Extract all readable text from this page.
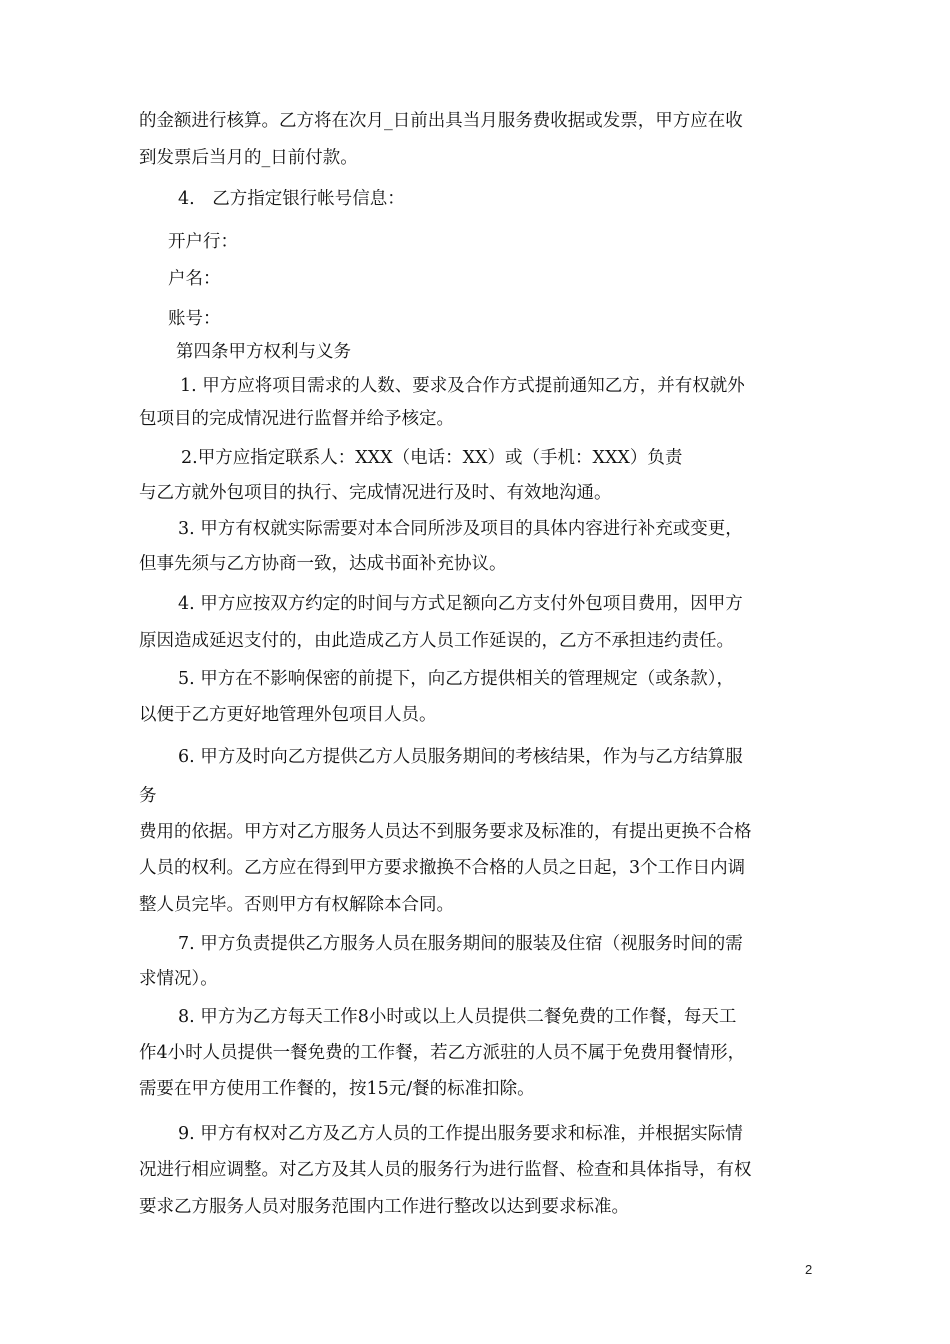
的金额进行核算。乙方将在次月_日前出具当月服务费收据或发票，甲方应在收
到发票后当月的_日前付款。
4.　乙方指定银行帐号信息：
开户行：
户名：
账号：
第四条甲方权利与义务
1. 甲方应将项目需求的人数、要求及合作方式提前通知乙方，并有权就外
包项目的完成情况进行监督并给予核定。
2.甲方应指定联系人：XXX（电话：XX）或（手机：XXX）负责
与乙方就外包项目的执行、完成情况进行及时、有效地沟通。
3. 甲方有权就实际需要对本合同所涉及项目的具体内容进行补充或变更，
但事先须与乙方协商一致，达成书面补充协议。
4. 甲方应按双方约定的时间与方式足额向乙方支付外包项目费用，因甲方
原因造成延迟支付的，由此造成乙方人员工作延误的，乙方不承担违约责任。
5. 甲方在不影响保密的前提下，向乙方提供相关的管理规定（或条款），
以便于乙方更好地管理外包项目人员。
6. 甲方及时向乙方提供乙方人员服务期间的考核结果，作为与乙方结算服
务
费用的依据。甲方对乙方服务人员达不到服务要求及标准的，有提出更换不合格
人员的权利。乙方应在得到甲方要求撤换不合格的人员之日起，3个工作日内调
整人员完毕。否则甲方有权解除本合同。
7. 甲方负责提供乙方服务人员在服务期间的服装及住宿（视服务时间的需
求情况）。
8. 甲方为乙方每天工作8小时或以上人员提供二餐免费的工作餐，每天工
作4小时人员提供一餐免费的工作餐，若乙方派驻的人员不属于免费用餐情形，
需要在甲方使用工作餐的，按15元/餐的标准扣除。
9. 甲方有权对乙方及乙方人员的工作提出服务要求和标准，并根据实际情
况进行相应调整。对乙方及其人员的服务行为进行监督、检查和具体指导，有权
要求乙方服务人员对服务范围内工作进行整改以达到要求标准。
2
